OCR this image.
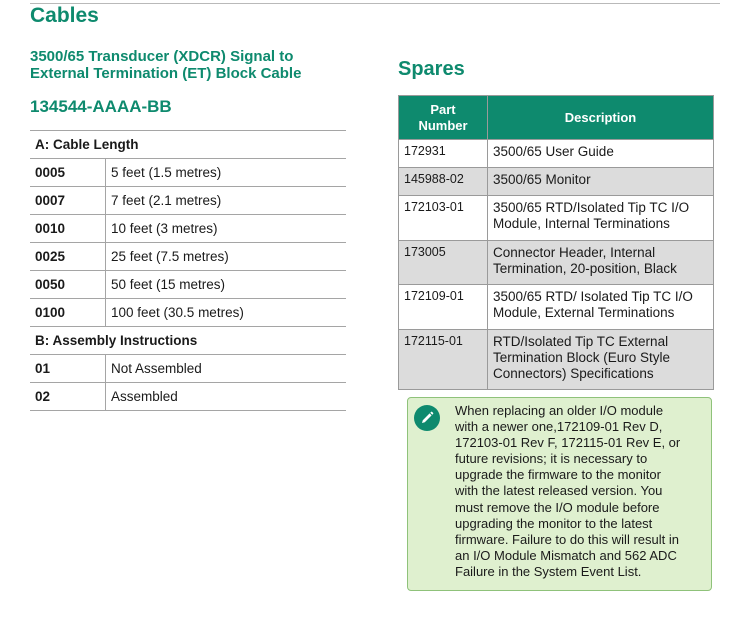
Cables
3500/65 Transducer (XDCR) Signal to
External Termination (ET) Block Cable
134544-AAAA-BB
A: Cable Length	
0005	5 feet (1.5 metres)
0007	7 feet (2.1 metres)
0010	10 feet (3 metres)
0025	25 feet (7.5 metres)
0050	50 feet (15 metres)
0100	100 feet (30.5 metres)
B: Assembly Instructions	
01	Not Assembled
02	Assembled
Spares
Part
Number	Description
172931	3500/65 User Guide

145988-02	3500/65 Monitor

172103-01	3500/65 RTD/Isolated Tip TC I/O
Module, Internal Terminations

173005	Connector Header, Internal
Termination, 20-position, Black

172109-01	3500/65 RTD/ Isolated Tip TC I/O
Module, External Terminations

172115-01	RTD/Isolated Tip TC External
Termination Block (Euro Style
Connectors) Specifications
When replacing an older I/O module
with a newer one,172109-01 Rev D,
172103-01 Rev F, 172115-01 Rev E, or
future revisions; it is necessary to
upgrade the firmware to the monitor
with the latest released version. You
must remove the I/O module before
upgrading the monitor to the latest
firmware. Failure to do this will result in
an I/O Module Mismatch and 562 ADC
Failure in the System Event List.
